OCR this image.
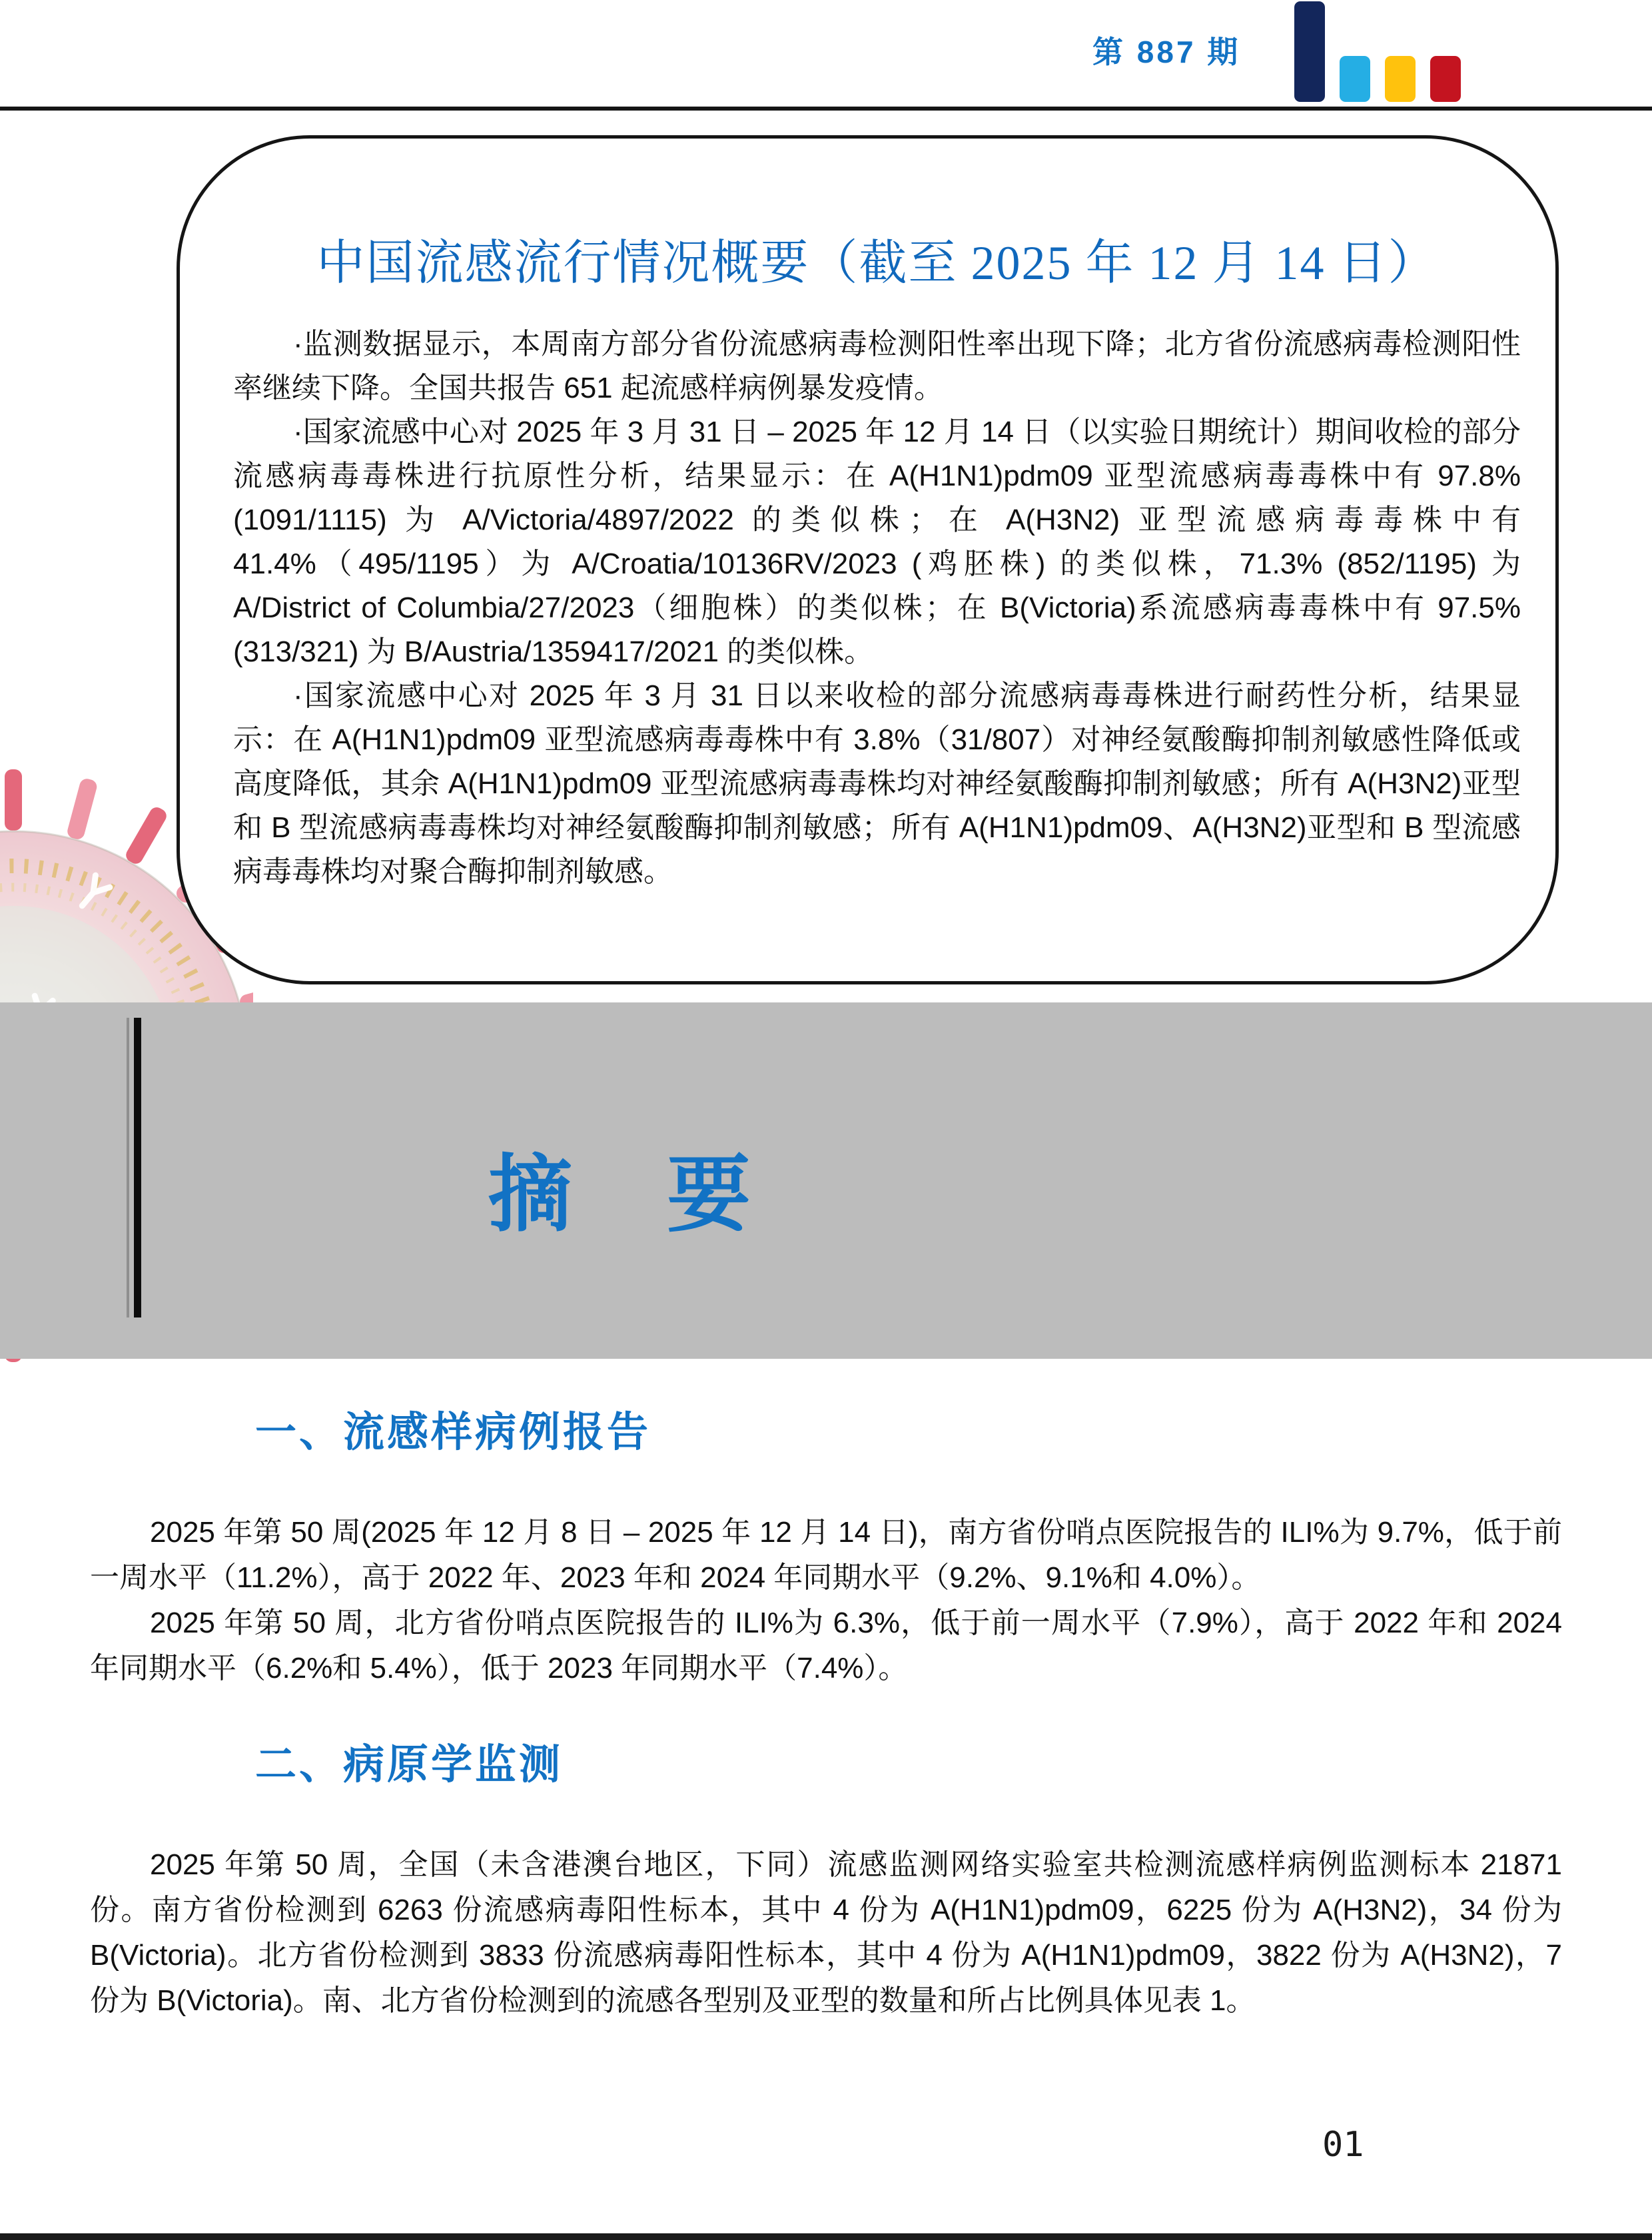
第 887 期
中国流感流行情况概要（截至 2025 年 12 月 14 日）

·监测数据显示，本周南方部分省份流感病毒检测阳性率出现下降；北方省份流感病毒检测阳性率继续下降。全国共报告 651 起流感样病例暴发疫情。

·国家流感中心对 2025 年 3 月 31 日 – 2025 年 12 月 14 日（以实验日期统计）期间收检的部分流感病毒毒株进行抗原性分析，结果显示：在 A(H1N1)pdm09 亚型流感病毒毒株中有 97.8% (1091/1115) 为 A/Victoria/4897/2022 的类似株；在 A(H3N2) 亚型流感病毒毒株中有 41.4%（495/1195）为 A/Croatia/10136RV/2023 (鸡胚株) 的类似株，71.3% (852/1195) 为 A/District of Columbia/27/2023（细胞株）的类似株；在 B(Victoria)系流感病毒毒株中有 97.5% (313/321) 为 B/Austria/1359417/2021 的类似株。

·国家流感中心对 2025 年 3 月 31 日以来收检的部分流感病毒毒株进行耐药性分析，结果显示：在 A(H1N1)pdm09 亚型流感病毒毒株中有 3.8%（31/807）对神经氨酸酶抑制剂敏感性降低或高度降低，其余 A(H1N1)pdm09 亚型流感病毒毒株均对神经氨酸酶抑制剂敏感；所有 A(H3N2)亚型和 B 型流感病毒毒株均对神经氨酸酶抑制剂敏感；所有 A(H1N1)pdm09、A(H3N2)亚型和 B 型流感病毒毒株均对聚合酶抑制剂敏感。

摘　要
一、流感样病例报告

2025 年第 50 周(2025 年 12 月 8 日 – 2025 年 12 月 14 日)，南方省份哨点医院报告的 ILI%为 9.7%，低于前一周水平（11.2%），高于 2022 年、2023 年和 2024 年同期水平（9.2%、9.1%和 4.0%）。

2025 年第 50 周，北方省份哨点医院报告的 ILI%为 6.3%，低于前一周水平（7.9%），高于 2022 年和 2024 年同期水平（6.2%和 5.4%），低于 2023 年同期水平（7.4%）。

二、病原学监测

2025 年第 50 周，全国（未含港澳台地区，下同）流感监测网络实验室共检测流感样病例监测标本 21871 份。南方省份检测到 6263 份流感病毒阳性标本，其中 4 份为 A(H1N1)pdm09，6225 份为 A(H3N2)，34 份为 B(Victoria)。北方省份检测到 3833 份流感病毒阳性标本，其中 4 份为 A(H1N1)pdm09，3822 份为 A(H3N2)，7 份为 B(Victoria)。南、北方省份检测到的流感各型别及亚型的数量和所占比例具体见表 1。

01
